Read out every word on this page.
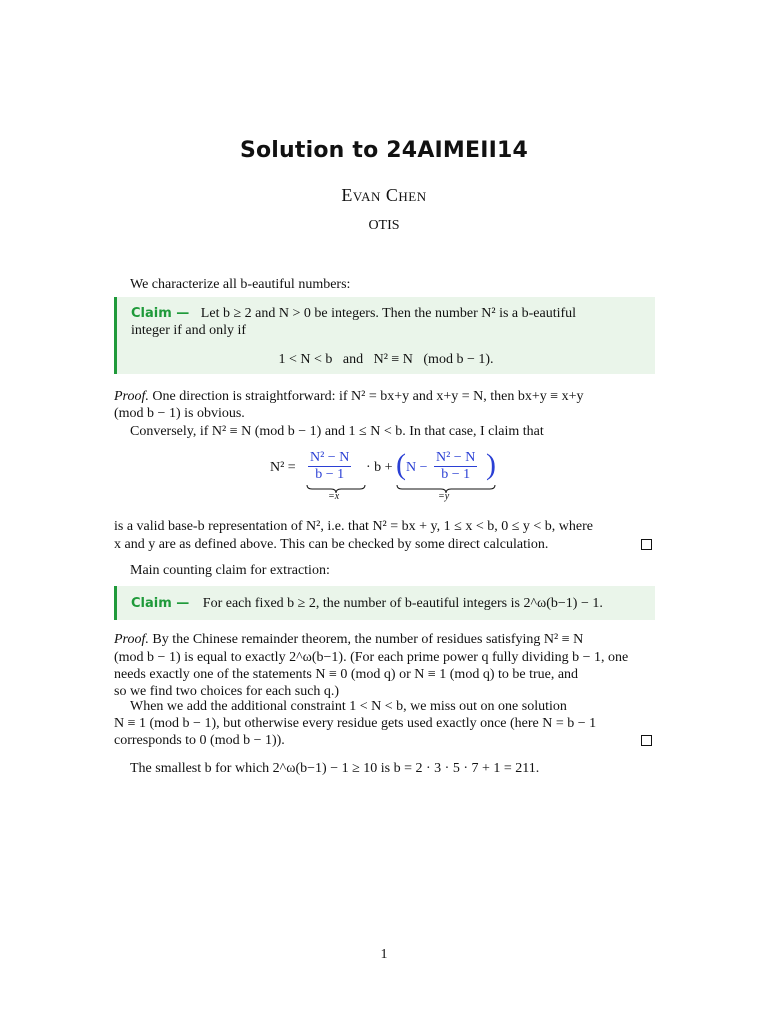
Solution to 24AIMEII14
Evan Chen
OTIS
We characterize all b-eautiful numbers:
Claim — Let b ≥ 2 and N > 0 be integers. Then the number N² is a b-eautiful
integer if and only if
1 < N < b   and   N² ≡ N   (mod b − 1).
Proof. One direction is straightforward: if N² = bx+y and x+y = N, then bx+y ≡ x+y
(mod b − 1) is obvious.
Conversely, if N² ≡ N (mod b − 1) and 1 ≤ N < b. In that case, I claim that
$N^2 = \frac{\text{N² − N}}{b - 1} \cdot b$ + ( $N - \frac{\text{N² − N}}{b - 1}$ )
=x	=y
is a valid base-b representation of N², i.e. that N² = bx + y, 1 ≤ x < b, 0 ≤ y < b, where
x and y are as defined above. This can be checked by some direct calculation.
Main counting claim for extraction:
Claim — For each fixed b ≥ 2, the number of b-eautiful integers is 2^ω(b−1) − 1.
Proof. By the Chinese remainder theorem, the number of residues satisfying N² ≡ N
(mod b − 1) is equal to exactly 2^ω(b−1). (For each prime power q fully dividing b − 1, one
needs exactly one of the statements N ≡ 0 (mod q) or N ≡ 1 (mod q) to be true, and
so we find two choices for each such q.)
When we add the additional constraint 1 < N < b, we miss out on one solution
N ≡ 1 (mod b − 1), but otherwise every residue gets used exactly once (here N = b − 1
corresponds to 0 (mod b − 1)).
The smallest b for which 2^ω(b−1) − 1 ≥ 10 is b = 2 · 3 · 5 · 7 + 1 = 211.
1
